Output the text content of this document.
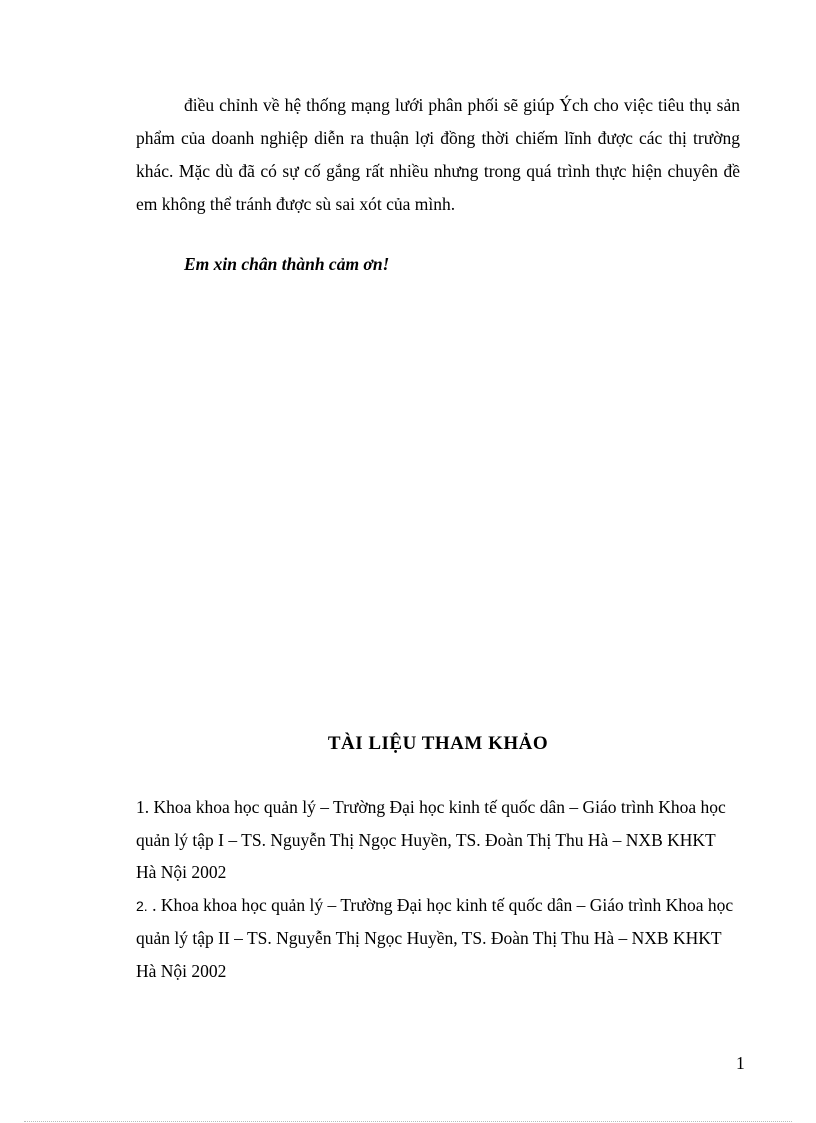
điều chỉnh về hệ thống mạng lưới phân phối sẽ giúp Ých cho việc tiêu thụ sản phẩm của doanh nghiệp diễn ra thuận lợi đồng thời chiếm lĩnh được các thị trường khác. Mặc dù đã có sự cố gắng rất nhiều nhưng trong quá trình thực hiện chuyên đề em không thể tránh được sù sai xót của mình.

Em xin chân thành cảm ơn!

TÀI LIỆU THAM KHẢO
1. Khoa khoa học quản lý – Trường Đại học kinh tế quốc dân – Giáo trình Khoa học quản lý tập I – TS. Nguyễn Thị Ngọc Huyền, TS. Đoàn Thị Thu Hà – NXB KHKT Hà Nội 2002
2. . Khoa khoa học quản lý – Trường Đại học kinh tế quốc dân – Giáo trình Khoa học quản lý tập II – TS. Nguyễn Thị Ngọc Huyền, TS. Đoàn Thị Thu Hà – NXB KHKT Hà Nội 2002

1
